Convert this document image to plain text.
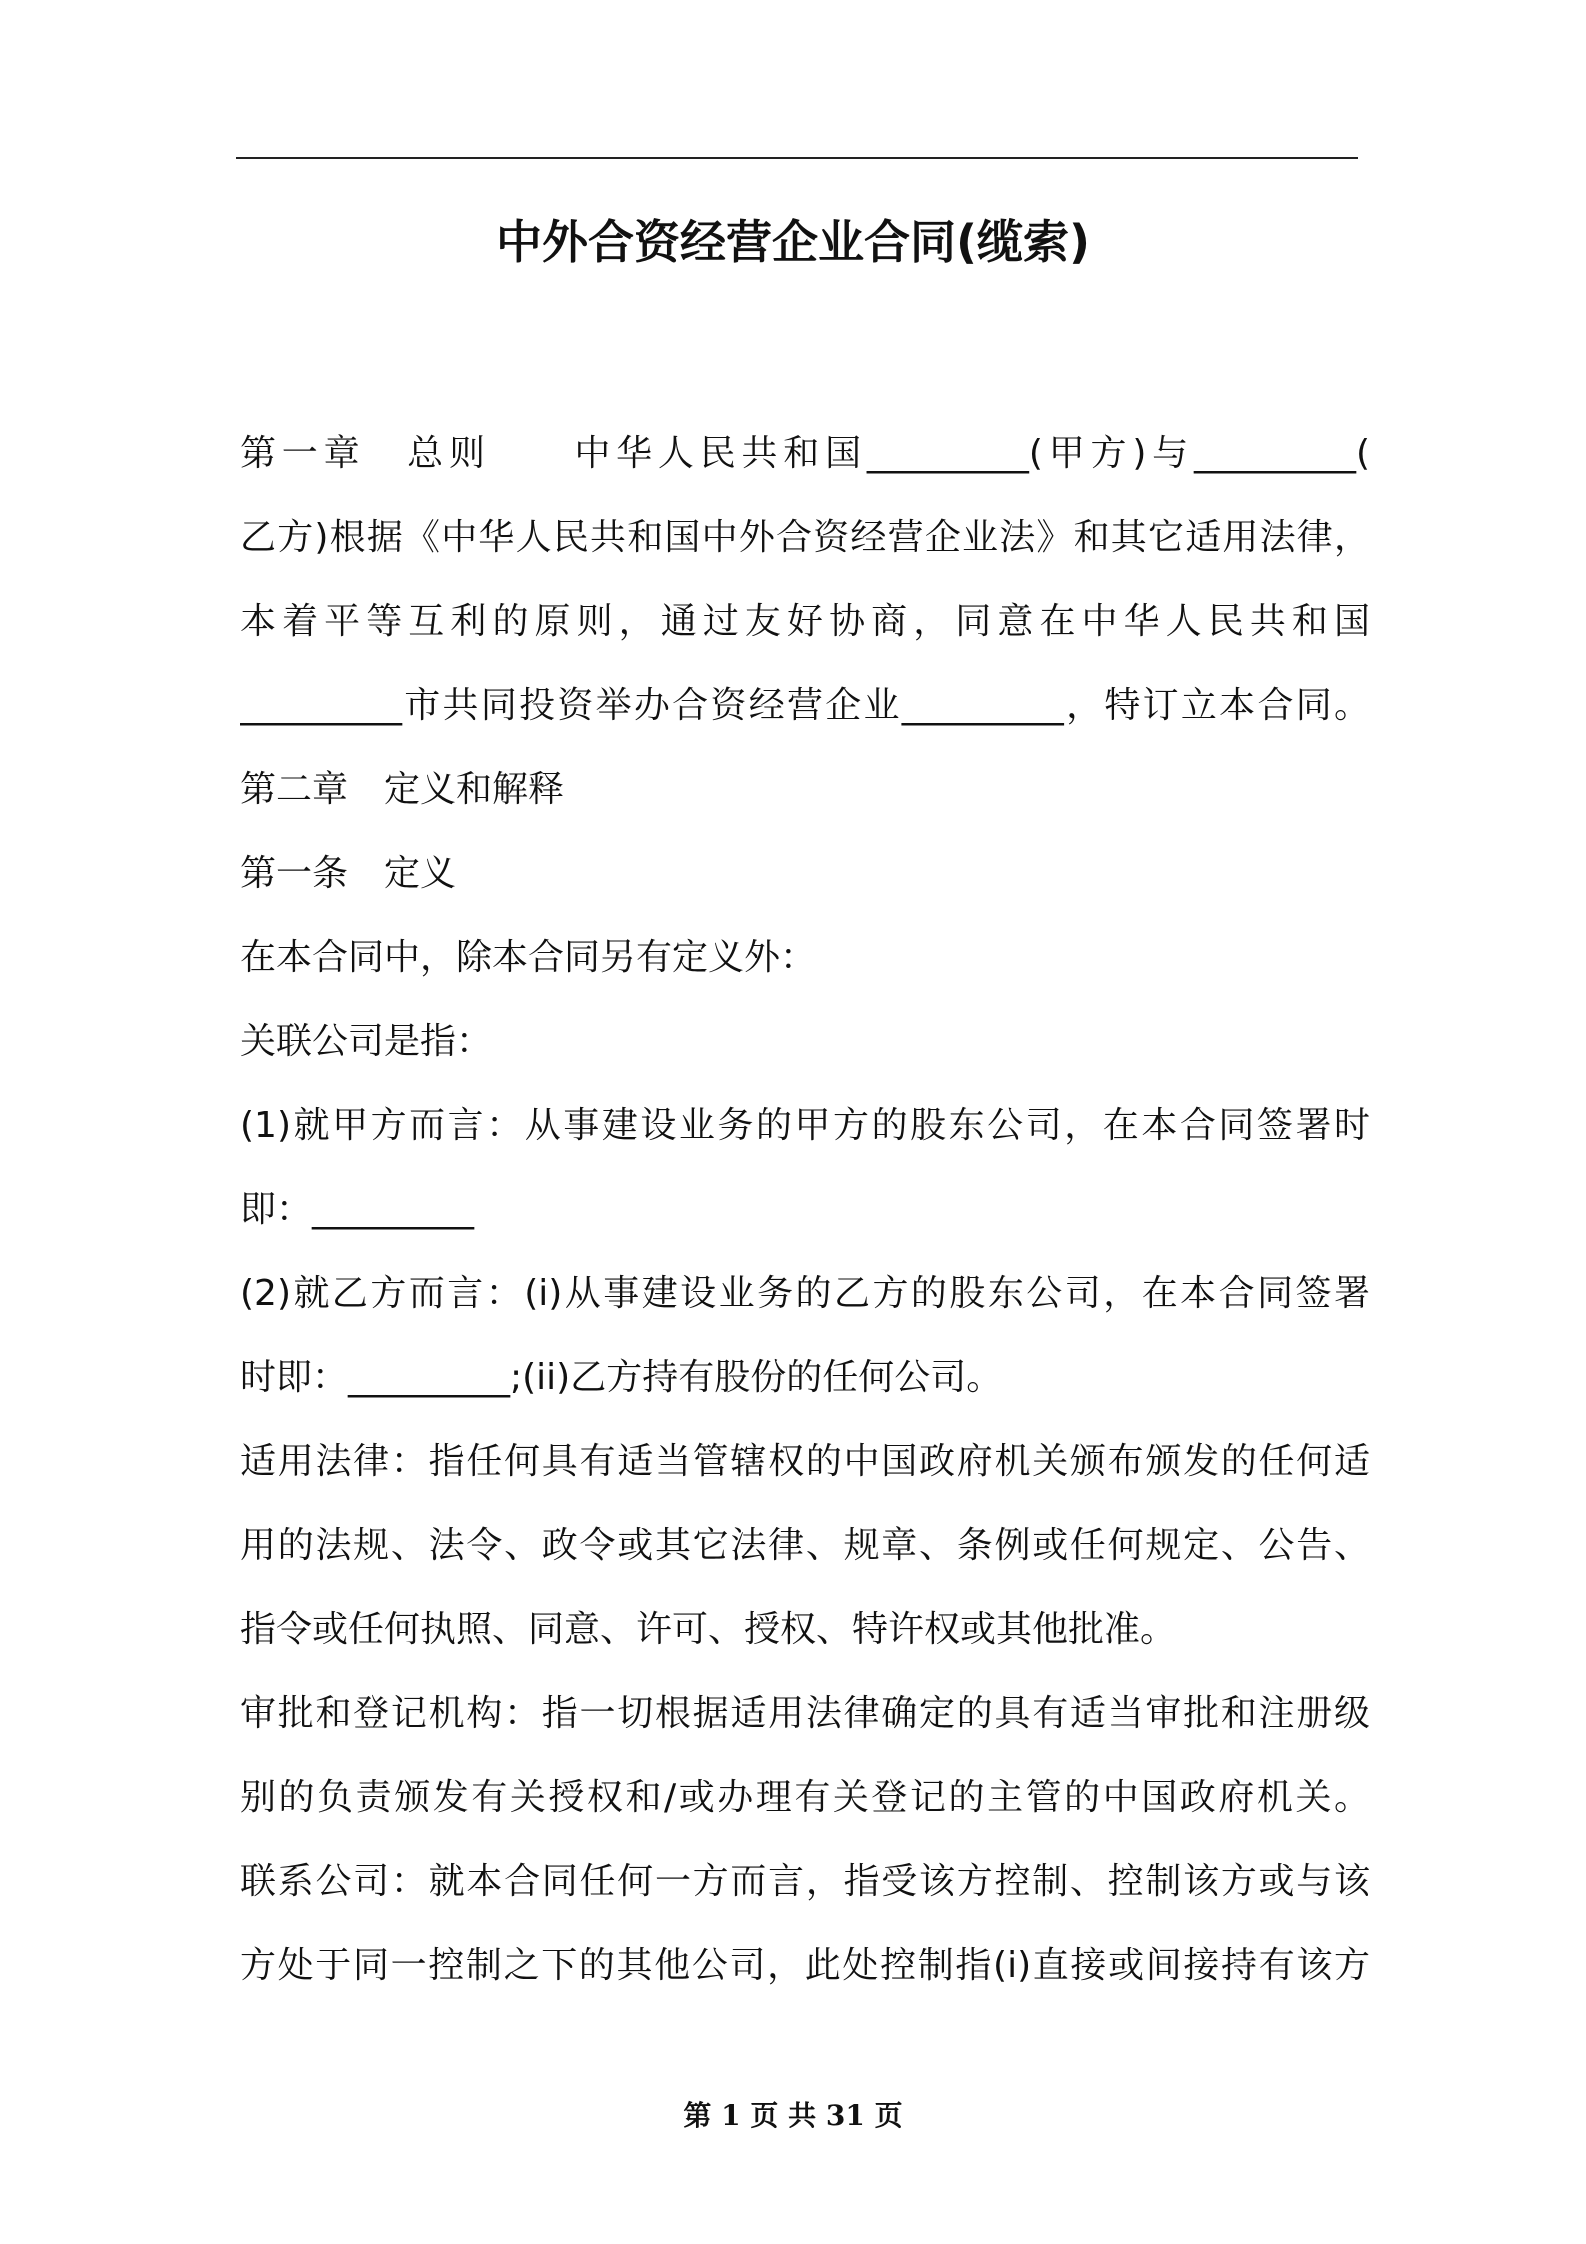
中外合资经营企业合同(缆索)
第一章　总则　　中华人民共和国_________(甲方)与_________(
乙方)根据《中华人民共和国中外合资经营企业法》和其它适用法律，
本着平等互利的原则，通过友好协商，同意在中华人民共和国
_________市共同投资举办合资经营企业_________，特订立本合同。
第二章　定义和解释
第一条　定义
在本合同中，除本合同另有定义外：
关联公司是指：
(1)就甲方而言：从事建设业务的甲方的股东公司，在本合同签署时
即：_________
(2)就乙方而言：(i)从事建设业务的乙方的股东公司，在本合同签署
时即：_________;(ii)乙方持有股份的任何公司。
适用法律：指任何具有适当管辖权的中国政府机关颁布颁发的任何适
用的法规、法令、政令或其它法律、规章、条例或任何规定、公告、
指令或任何执照、同意、许可、授权、特许权或其他批准。
审批和登记机构：指一切根据适用法律确定的具有适当审批和注册级
别的负责颁发有关授权和/或办理有关登记的主管的中国政府机关。
联系公司：就本合同任何一方而言，指受该方控制、控制该方或与该
方处于同一控制之下的其他公司，此处控制指(i)直接或间接持有该方
第 1 页 共 31 页
